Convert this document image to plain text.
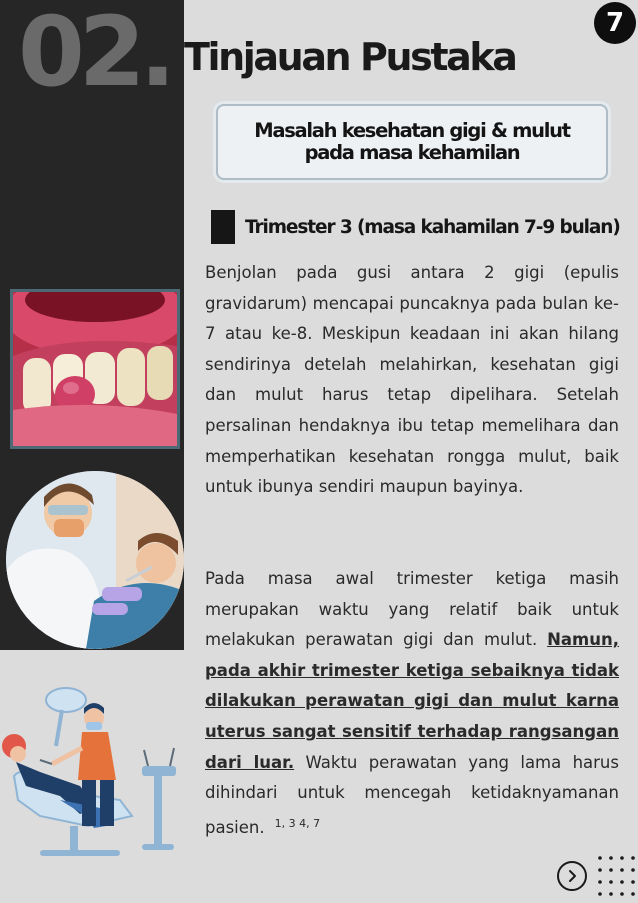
02. Tinjauan Pustaka
7
Masalah kesehatan gigi & mulut pada masa kehamilan
Trimester 3 (masa kahamilan 7-9 bulan)

Benjolan pada gusi antara 2 gigi (epulis gravidarum) mencapai puncaknya pada bulan ke-7 atau ke-8. Meskipun keadaan ini akan hilang sendirinya detelah melahirkan, kesehatan gigi dan mulut harus tetap dipelihara. Setelah persalinan hendaknya ibu tetap memelihara dan memperhatikan kesehatan rongga mulut, baik untuk ibunya sendiri maupun bayinya.

Pada masa awal trimester ketiga masih merupakan waktu yang relatif baik untuk melakukan perawatan gigi dan mulut. Namun, pada akhir trimester ketiga sebaiknya tidak dilakukan perawatan gigi dan mulut karna uterus sangat sensitif terhadap rangsangan dari luar. Waktu perawatan yang lama harus dihindari untuk mencegah ketidaknyamanan pasien. $^{1, 3 4, 7}$
